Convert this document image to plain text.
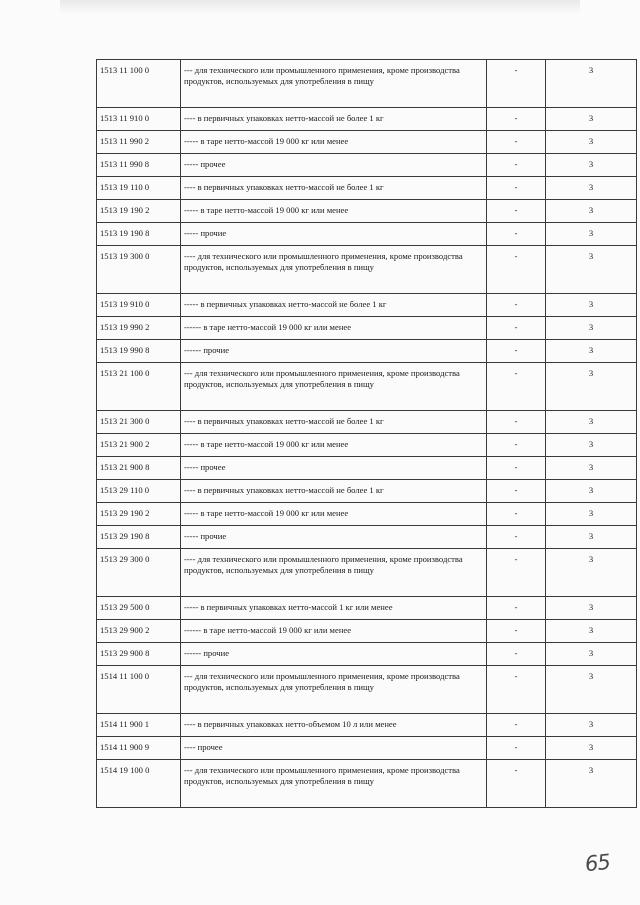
1513 11 100 0	--- для технического или промышленного применения, кроме производства продуктов, используемых для употребления в пищу	-	3
1513 11 910 0	---- в первичных упаковках нетто-массой не более 1 кг	-	3
1513 11 990 2	----- в таре нетто-массой 19 000 кг или менее	-	3
1513 11 990 8	----- прочее	-	3
1513 19 110 0	---- в первичных упаковках нетто-массой не более 1 кг	-	3
1513 19 190 2	----- в таре нетто-массой 19 000 кг или менее	-	3
1513 19 190 8	----- прочие	-	3
1513 19 300 0	---- для технического или промышленного применения, кроме производства продуктов, используемых для употребления в пищу	-	3
1513 19 910 0	----- в первичных упаковках нетто-массой не более 1 кг	-	3
1513 19 990 2	------ в таре нетто-массой 19 000 кг или менее	-	3
1513 19 990 8	------ прочие	-	3
1513 21 100 0	--- для технического или промышленного применения, кроме производства продуктов, используемых для употребления в пищу	-	3
1513 21 300 0	---- в первичных упаковках нетто-массой не более 1 кг	-	3
1513 21 900 2	----- в таре нетто-массой 19 000 кг или менее	-	3
1513 21 900 8	----- прочее	-	3
1513 29 110 0	---- в первичных упаковках нетто-массой не более 1 кг	-	3
1513 29 190 2	----- в таре нетто-массой 19 000 кг или менее	-	3
1513 29 190 8	----- прочие	-	3
1513 29 300 0	---- для технического или промышленного применения, кроме производства продуктов, используемых для употребления в пищу	-	3
1513 29 500 0	----- в первичных упаковках нетто-массой 1 кг или менее	-	3
1513 29 900 2	------ в таре нетто-массой 19 000 кг или менее	-	3
1513 29 900 8	------ прочие	-	3
1514 11 100 0	--- для технического или промышленного применения, кроме производства продуктов, используемых для употребления в пищу	-	3
1514 11 900 1	---- в первичных упаковках нетто-объемом 10 л или менее	-	3
1514 11 900 9	---- прочее	-	3
1514 19 100 0	--- для технического или промышленного применения, кроме производства продуктов, используемых для употребления в пищу	-	3
65
